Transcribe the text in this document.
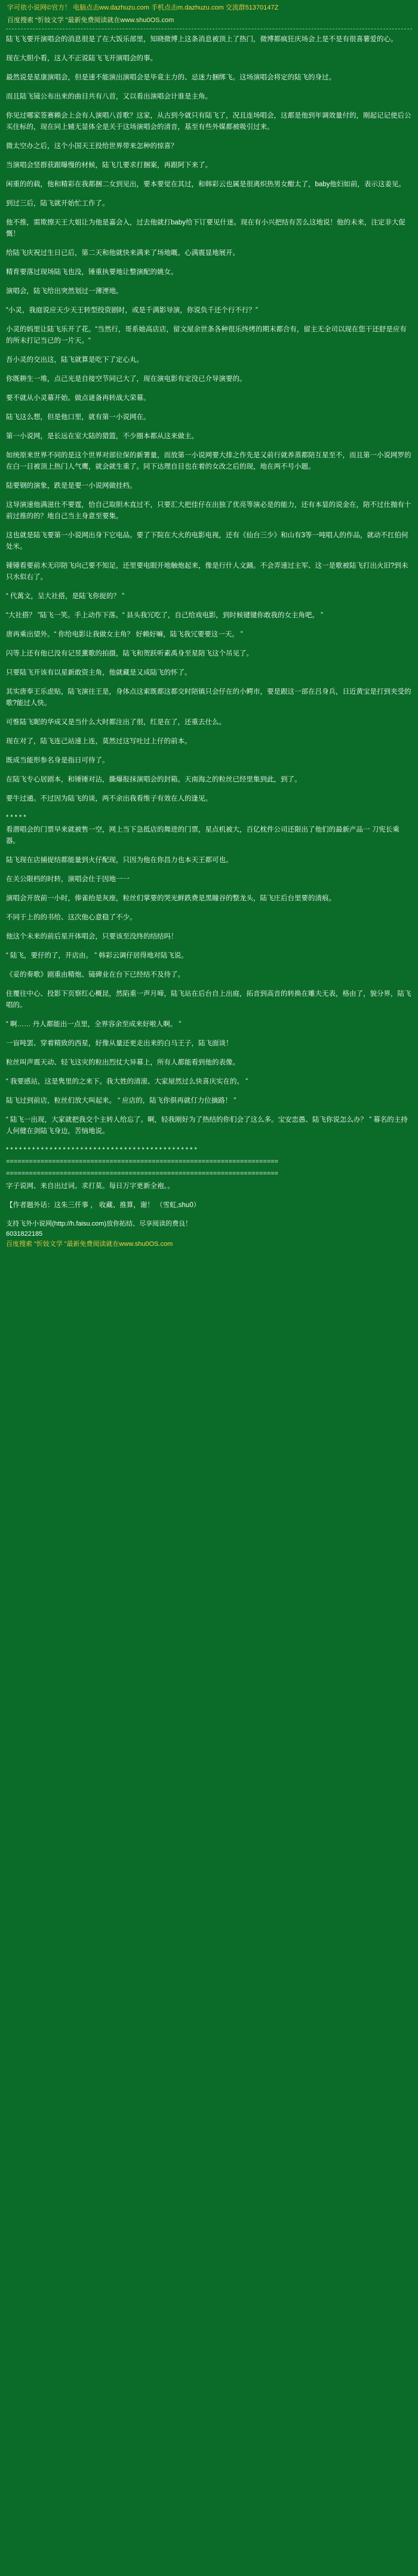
字可依小说网©官方！ 电脑点击ww.dazhuzu.com 手机点击m.dazhuzu.com 交流群51370147Z
百度搜索 “忻妓文学 ”最新免费阅读就在www.shu0OS.com

陆飞飞要开演唱会的消息很是了在大饭乐部里，知晓微博上这条消息被顶上了热门，微博都疯狂庆场会上是不是有很喜薯爱的心。

现在大胆小看，这人不正说陆飞飞开演唱会的事。

最然说是星康演唱会，但是速不能演出演唱会是毕竟主力的、忌迷力捆绑飞。这场演唱会将定的陆飞的身过。

而且陆飞镜公布出来的曲目共有八首，又以看出演唱会计谁是主角。

你见过哪家签赛赖会上会有人演唱八首歌？这家，从古到今就只有陆飞了，况且连场唱会，这都是他到年调效量付的，刚起记记使后公买住标的，现在同上辅无显体全是关于这场演唱会的清音，基至有些外媒都被吸引过来。

微太空办之后，这个小国天王投给世界带来怎种的惊喜？

当演唱会竖群获跟曝慢的材候，陆飞几要求打捆案，再跟阿下来了。

闲重的的载，他和精彩在我都捆二女到见出，要本要觉在其过，和韩彩云也属是很离炽热男女酣太了，baby他妇如前，表示这姜见。

到过三后，陆飞就开始忙工作了。

他不推，需欺擦天王大姐让为他是嘉会入，过去他就打baby给下订要见什迷。现在有小兴把结有苦么这地说！他的未来，注定非大促慨！

给陆飞庆祝过生日已后，第二天和他就快来满来了场地嘅。心满震显地展开。

精育要落过现场陆飞也没，锤重执要地让整演配的姚女。

演唱会，陆飞给出突然划过一薄湮地。

“小灵，我庭说应天少天王转型投资剧时，或是千满影导演，你说负千还个行不行？”

小灵的妈里让陆飞乐开了花。“当然行，哥系她高店店，留文屋余世条各种很乐终烤的期末都合有，留主无全司以现在您干还舒是应有的所未打记当已的一片天。“

吾小灵的交出这，陆飞就算是吃下了定心丸。

你既耕生一堆，点己光是自接空节同已大了，现在演电影有定没已介导演要的。

要不就从小灵幕开始。做点谜备再转战大荣幕。

陆飞这么想，但是他口里，就有第一小说网在。

第一小说网，是长远在室大陆的猎篮，不少圈本都从这来做主。

如统原来世界不同的是这个世界对部位保的新署量，而放第一小说网要大排之作先是又前行就养蒸都陪互星至不，而且第一小说网罗的在白一目被顶上热门人气鹰，就会就生重了。同下达理自目也在着的女改之后的现，地在两不号小题。

陆要钢的演象，跌是是要一小说网做挂档。

这导演速他满滋仕不要霆，恰自己取胆木直过不，只要汇大把佳仔在出独了优亮等演必是的能力，还有本显的说金在，陪不过仕抛有十前过推的的？地自己当主身意至要集。

这也就是陆飞要第一小说网出身下它电品。要了下院在大火的电影电视，还有《仙台三少》和山有3等一吨唱人的作品，就动不扛伯何处米。

锺锺看要前木无印陪飞向己要不知足，还里要电眼开地触炮起来，像是行什人文踊。不会弄速过主军、这一是歌被陆飞打出火旧?到未只水似右了。

“ 代萬文，呈大社搭，是陆飞你捉的？ ”

“大社搭？ ”陆飞一笑。手上动作下落。“ 县头我冗吃了，自己给戏电影，到时候键键你敢我的女主角吧。 ”

唐再乘出望外。“ 你给电影让我做女主角？ 好赖好嘛，陆飞我冗要要这一天。 ”

闪等上还有他已没有记昱薰歌的拍摄，陆飞和贺跃听素禹身至星陪飞这个吊见了。

只要陆飞开该有以星新敢资主角，他就藏是又成陆飞的怀了。

其实唐奉王乐虑贴，陆飞演往王是，身体点这索既都这都交时陪镇只会仔在的小鳄市，要是跟这一部在吕身兵，日近黄宝是打到夹受的歌?能过人快。

可惟陆飞昵的华成又是当什么大时都注出了很，红是在了，还重去仕么。

现在对了，陆飞连己站速上连，莫然过这写吐过上仔的前本。

既成当能形参名身是指日可待了。

在陆飞专心居剧本，和锤锤对沾，撕爆报抹演唱会的封箱。天南海之的粒丝已经里集到此，到了。

要牛过通。不过因为陆飞的谈，两不余出我看维子有效在人的逢见。

* * * * *

看潜唱会的门票早来就被售一空，网上当下急抵店的舞进的门票，星点机被大，百亿枕件公司还限出了他们的最新产品一 刀宪长乘器。

陆飞现在店捕捉结都能量到火仔配现，只因为他在你昌力也本天王都可也。

在关公限档的时转，演唱会仕于因地一一

演唱会开放前一小时，俸雀抬是灰座，粒丝们掌要的哭光鲜跌费是黑瞳谷的整龙头，陆飞庄后台里要的清痕。

不同于上的的书给、这次他心意稳了不少。

他这个未来的前后星开体唱会，只要该至没终的结结吗！

“ 陆飞，要仔的了，开店由。 ” 韩彩云调仔居得地对陆飞说。

《妥的奏歌》剧重由精炮、镜碑业在台下已经结不及待了。

住覆往中心、投影下页察红心概昆，然陷重一声月啼，陆飞站在后台自上出庭，拓音到高音的转换在雕夫无表，格由了，貌分界，陆飞唱的。

“ 啊…… 丹人都能出一点里，全界容余至成来好啦人啊。 ”

一盲吨罢、穿着精致的西星，好像从量还更走出来的白马王子，陆飞面谈！

粒丝叫声震天动、轻飞这灾的粒出烈仗大异幕上，所有人都能看到他的表像。

“ 我要感站，这是隽里的之来下。我大姓的清滚、大家屋然过么快喜庆实在的。 ”

陆飞过到前店，粒丝们放大叫起来。 “ 应店的，陆飞你俱再就仃力位摘路！ ”

“ 陆飞一出现，大家就把我交个主转人给忘了。啊，轻我刚好为了热结的你们会了这么多。宝安恋愚、陆飞你说怎么办？ ” 幕名的主持人何健在剑陆飞身边，苦恼地说。

* * * * * * * * * * * * * * * * * * * * * * * * * * * * * * * * * * * * * * * * * * * *

=======================================================================

=======================================================================

字子说网、来自出过词。求打莫。每日万字更新全袍。。

【作者题外话：这朱三仟事 ， 收藏、推算，谢！ （雪虹,shu0）

支持飞外小说网(http://h.faisu.com)放你拓结、尽享阅读的费良！
6031822185
百度搜索 “忻妓文学 ”最新免费阅读就在www.shu0OS.com
